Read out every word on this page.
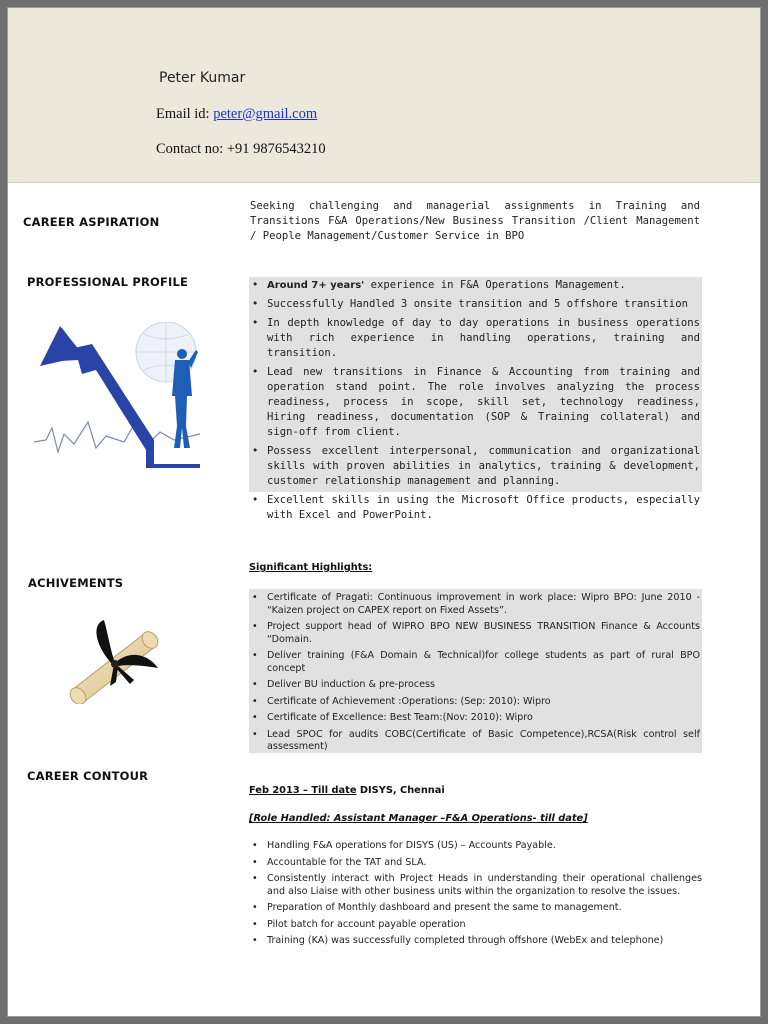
Peter Kumar
Email id: peter@gmail.com
Contact no: +91 9876543210
CAREER ASPIRATION
Seeking challenging and managerial assignments in Training and Transitions F&A Operations/New Business Transition /Client Management / People Management/Customer Service in BPO
PROFESSIONAL PROFILE
•	Around 7+ years' experience in F&A Operations Management.
• Successfully Handled 3 onsite transition and 5 offshore transition
• In depth knowledge of day to day operations in business operations with rich experience in handling operations, training and transition.
• Lead new transitions in Finance & Accounting from training and operation stand point. The role involves analyzing the process readiness, process in scope, skill set, technology readiness, Hiring readiness, documentation (SOP & Training collateral) and sign-off from client.
• Possess excellent interpersonal, communication and organizational skills with proven abilities in analytics, training & development, customer relationship management and planning.
• Excellent skills in using the Microsoft Office products, especially with Excel and PowerPoint.
ACHIVEMENTS
Significant Highlights:
• Certificate of Pragati: Continuous improvement in work place: Wipro BPO: June 2010 - “Kaizen project on CAPEX report on Fixed Assets”.
• Project support head of WIPRO BPO NEW BUSINESS TRANSITION Finance & Accounts “Domain.
• Deliver training (F&A Domain & Technical)for college students as part of rural BPO concept
• Deliver BU induction & pre-process
• Certificate of Achievement :Operations: (Sep: 2010): Wipro
• Certificate of Excellence: Best Team:(Nov: 2010): Wipro
• Lead SPOC for audits COBC(Certificate of Basic Competence),RCSA(Risk control self assessment)
CAREER CONTOUR
Feb 2013 – Till date DISYS, Chennai
[Role Handled: Assistant Manager –F&A Operations- till date]
• Handling F&A operations for DISYS (US) – Accounts Payable.
• Accountable for the TAT and SLA.
• Consistently interact with Project Heads in understanding their operational challenges and also Liaise with other business units within the organization to resolve the issues.
• Preparation of Monthly dashboard and present the same to management.
• Pilot batch for account payable operation
• Training (KA) was successfully completed through offshore (WebEx and telephone)
